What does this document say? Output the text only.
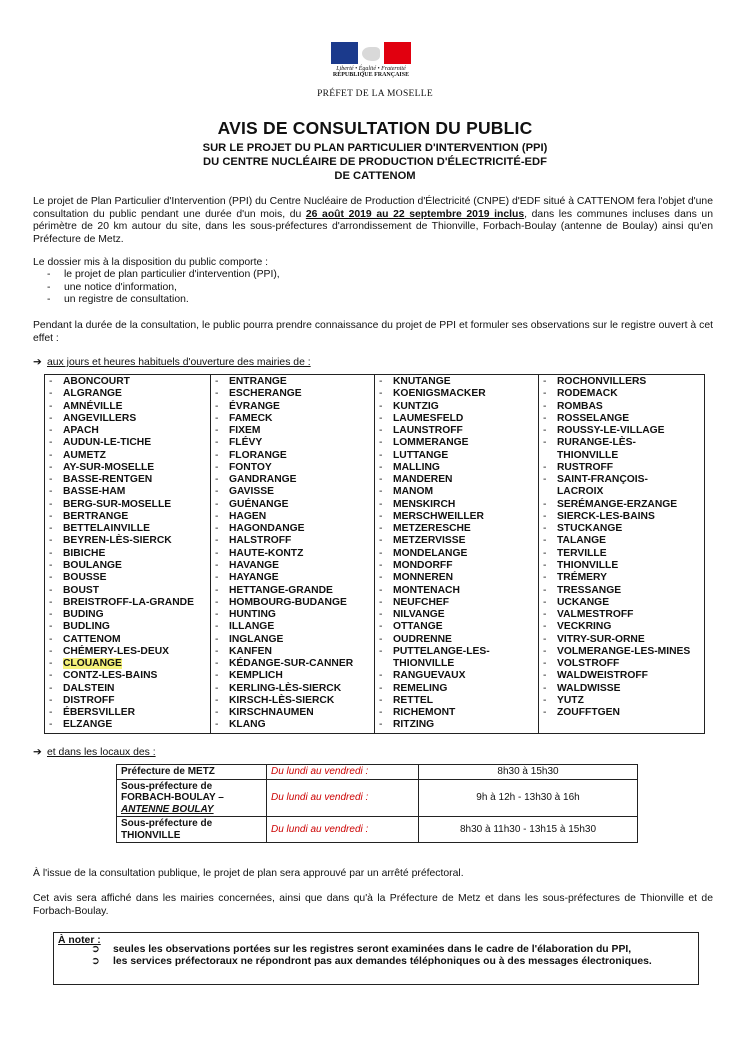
Liberté • Égalité • Fraternité
RÉPUBLIQUE FRANÇAISE
PRÉFET DE LA MOSELLE
AVIS DE CONSULTATION DU PUBLIC
SUR LE PROJET DU PLAN PARTICULIER D'INTERVENTION (PPI)
DU CENTRE NUCLÉAIRE DE PRODUCTION D'ÉLECTRICITÉ-EDF
DE CATTENOM
Le projet de Plan Particulier d'Intervention (PPI) du Centre Nucléaire de Production d'Électricité (CNPE) d'EDF situé à CATTENOM fera l'objet d'une consultation du public pendant une durée d'un mois, du 26 août 2019 au 22 septembre 2019 inclus, dans les communes incluses dans un périmètre de 20 km autour du site, dans les sous-préfectures d'arrondissement de Thionville, Forbach-Boulay (antenne de Boulay) ainsi qu'en Préfecture de Metz.
Le dossier mis à la disposition du public comporte :
- le projet de plan particulier d'intervention (PPI),
- une notice d'information,
- un registre de consultation.
Pendant la durée de la consultation, le public pourra prendre connaissance du projet de PPI et formuler ses observations sur le registre ouvert à cet effet :
➔ aux jours et heures habituels d'ouverture des mairies de :
- ABONCOURT
- ALGRANGE
- AMNÉVILLE
- ANGEVILLERS
- APACH
- AUDUN-LE-TICHE
- AUMETZ
- AY-SUR-MOSELLE
- BASSE-RENTGEN
- BASSE-HAM
- BERG-SUR-MOSELLE
- BERTRANGE
- BETTELAINVILLE
- BEYREN-LÈS-SIERCK
- BIBICHE
- BOULANGE
- BOUSSE
- BOUST
- BREISTROFF-LA-GRANDE
- BUDING
- BUDLING
- CATTENOM
- CHÉMERY-LES-DEUX
- CLOUANGE
- CONTZ-LES-BAINS
- DALSTEIN
- DISTROFF
- ÉBERSVILLER
- ELZANGE
- ENTRANGE
- ESCHERANGE
- ÉVRANGE
- FAMECK
- FIXEM
- FLÉVY
- FLORANGE
- FONTOY
- GANDRANGE
- GAVISSE
- GUÉNANGE
- HAGEN
- HAGONDANGE
- HALSTROFF
- HAUTE-KONTZ
- HAVANGE
- HAYANGE
- HETTANGE-GRANDE
- HOMBOURG-BUDANGE
- HUNTING
- ILLANGE
- INGLANGE
- KANFEN
- KÉDANGE-SUR-CANNER
- KEMPLICH
- KERLING-LÈS-SIERCK
- KIRSCH-LÈS-SIERCK
- KIRSCHNAUMEN
- KLANG
- KNUTANGE
- KOENIGSMACKER
- KUNTZIG
- LAUMESFELD
- LAUNSTROFF
- LOMMERANGE
- LUTTANGE
- MALLING
- MANDEREN
- MANOM
- MENSKIRCH
- MERSCHWEILLER
- METZERESCHE
- METZERVISSE
- MONDELANGE
- MONDORFF
- MONNEREN
- MONTENACH
- NEUFCHEF
- NILVANGE
- OTTANGE
- OUDRENNE
- PUTTELANGE-LES-
THIONVILLE
- RANGUEVAUX
- REMELING
- RETTEL
- RICHEMONT
- RITZING
- ROCHONVILLERS
- RODEMACK
- ROMBAS
- ROSSELANGE
- ROUSSY-LE-VILLAGE
- RURANGE-LÈS-
THIONVILLE
- RUSTROFF
- SAINT-FRANÇOIS-
LACROIX
- SERÉMANGE-ERZANGE
- SIERCK-LES-BAINS
- STUCKANGE
- TALANGE
- TERVILLE
- THIONVILLE
- TRÉMERY
- TRESSANGE
- UCKANGE
- VALMESTROFF
- VECKRING
- VITRY-SUR-ORNE
- VOLMERANGE-LES-MINES
- VOLSTROFF
- WALDWEISTROFF
- WALDWISSE
- YUTZ
- ZOUFFTGEN
➔ et dans les locaux des :
Préfecture de METZ	Du lundi au vendredi :	8h30 à 15h30

Sous-préfecture de
FORBACH-BOULAY –
ANTENNE BOULAY	Du lundi au vendredi :	9h à 12h - 13h30 à 16h

Sous-préfecture de
THIONVILLE	Du lundi au vendredi :	8h30 à 11h30 - 13h15 à 15h30
À l'issue de la consultation publique, le projet de plan sera approuvé par un arrêté préfectoral.
Cet avis sera affiché dans les mairies concernées, ainsi que dans qu'à la Préfecture de Metz et dans les sous-préfectures de Thionville et de Forbach-Boulay.
À noter :
➲ seules les observations portées sur les registres seront examinées dans le cadre de l'élaboration du PPI,
➲ les services préfectoraux ne répondront pas aux demandes téléphoniques ou à des messages électroniques.
